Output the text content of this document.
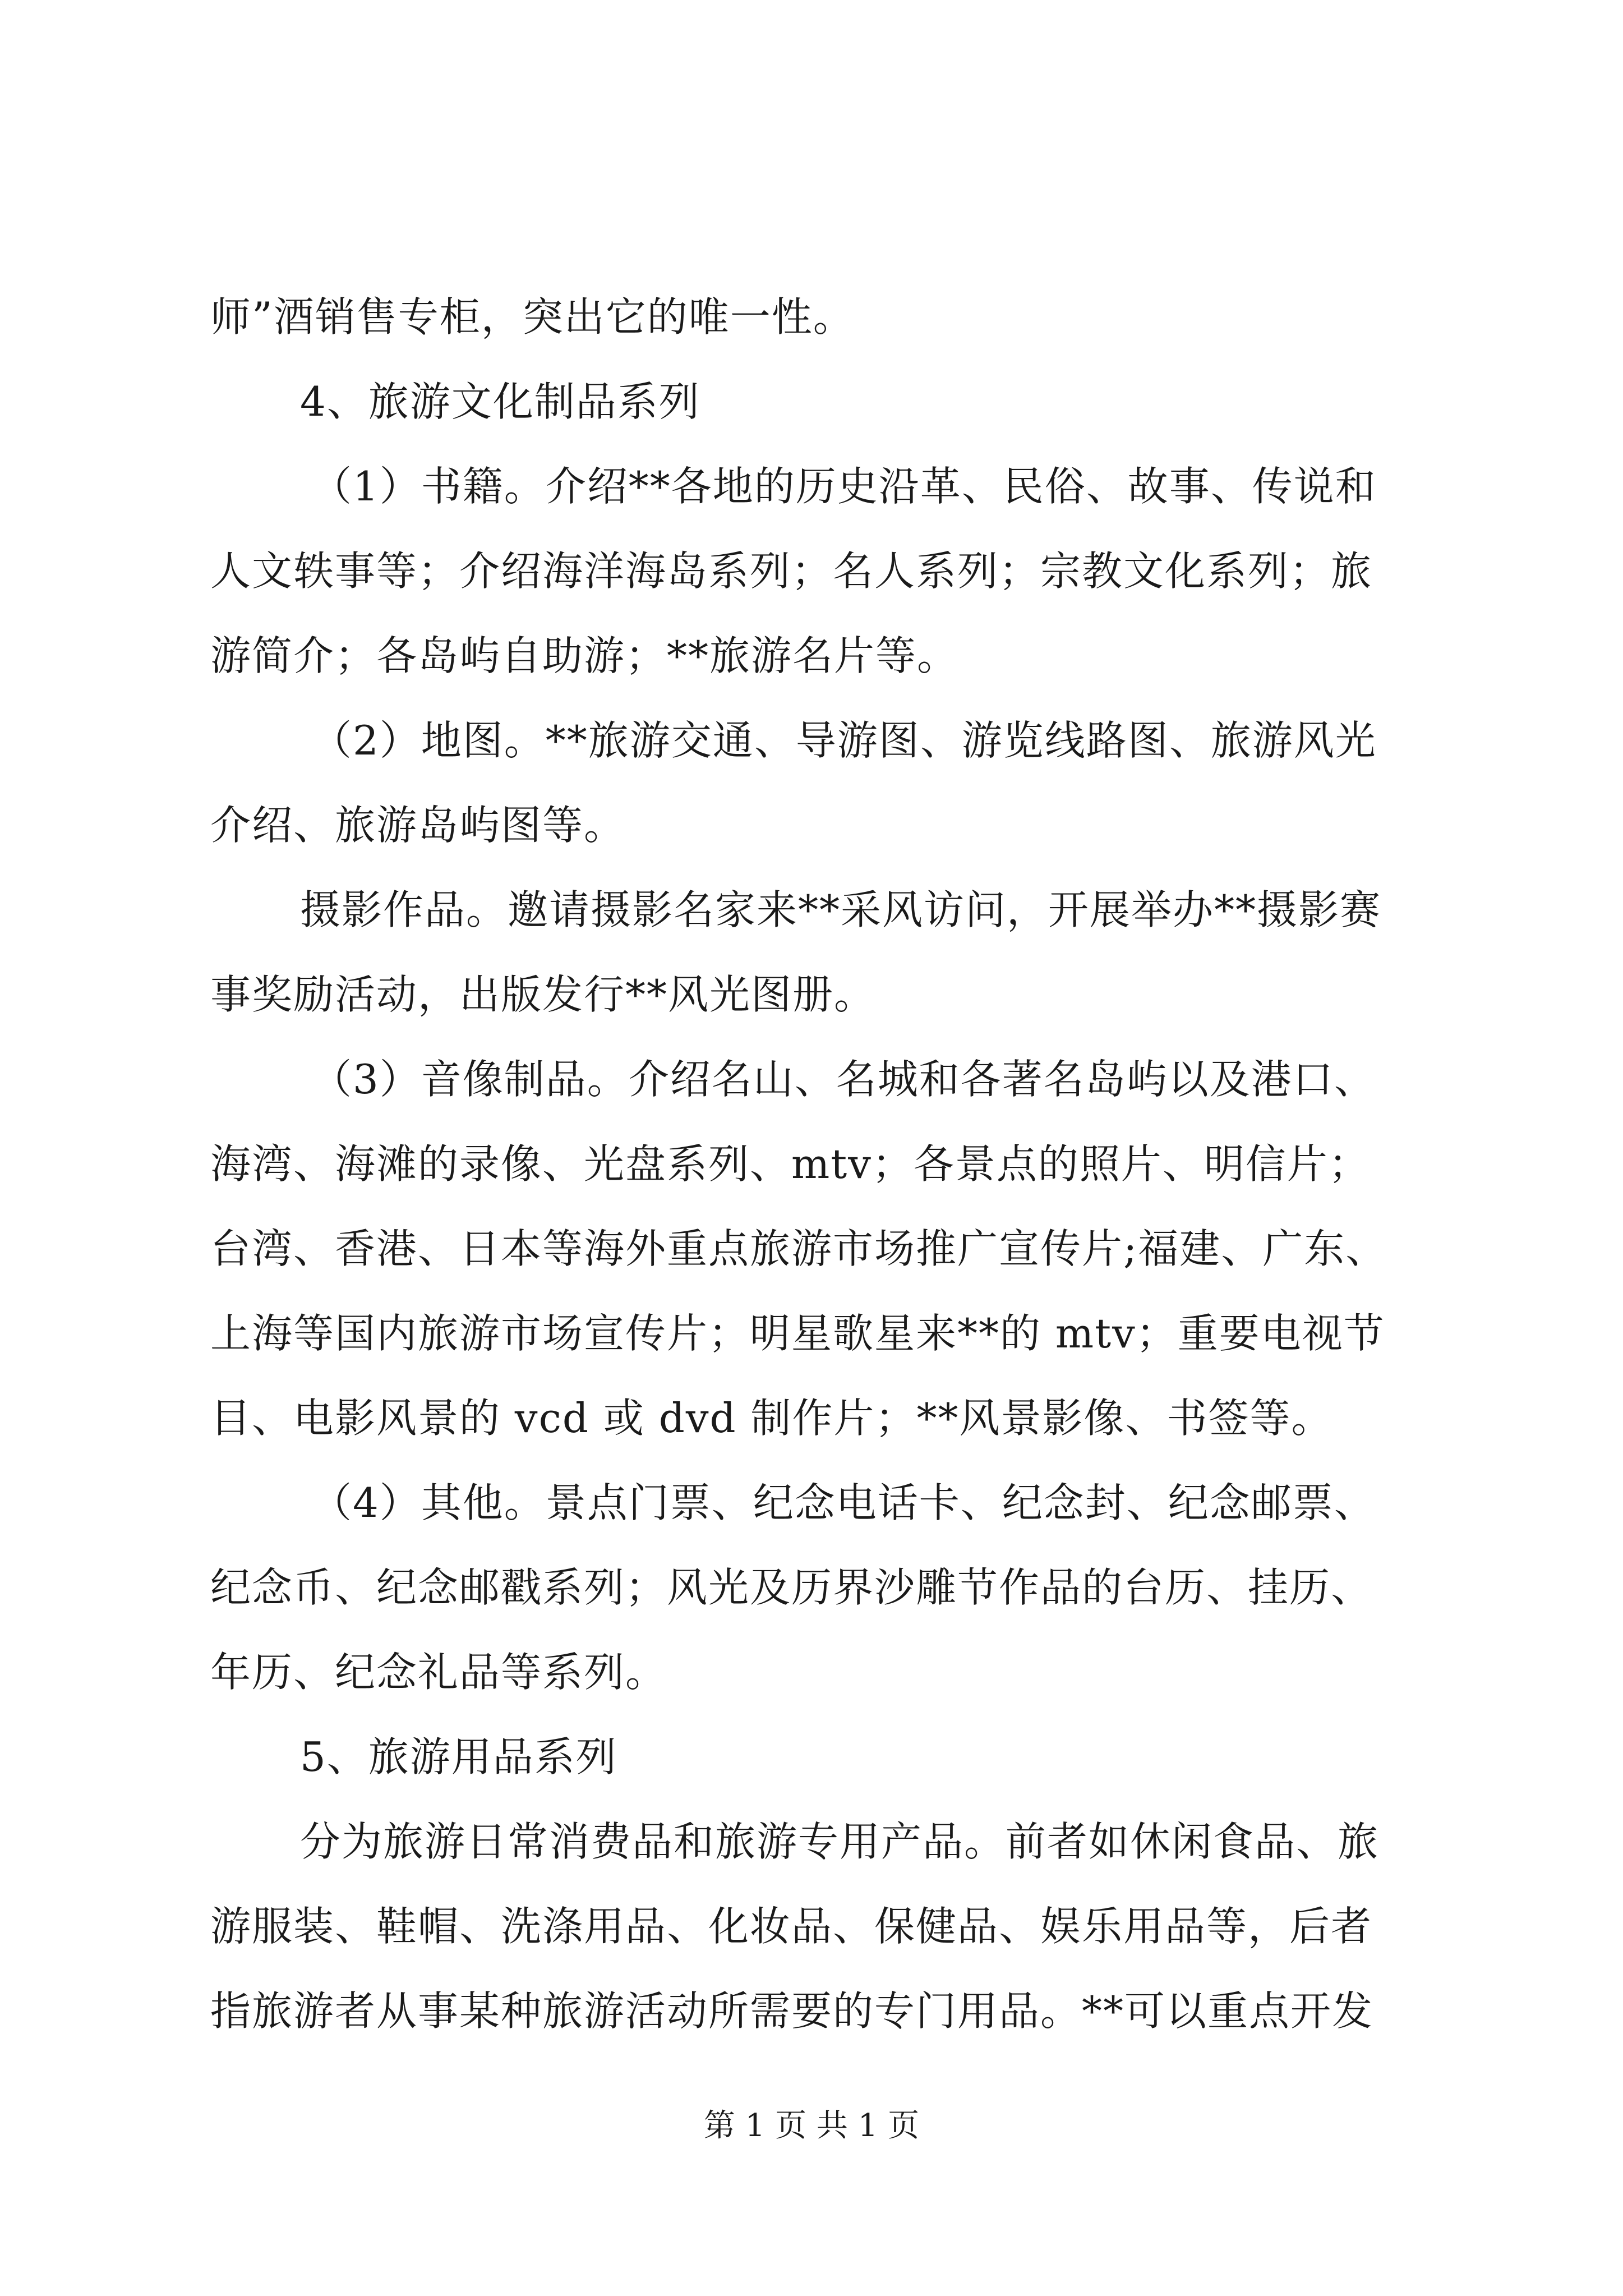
师”酒销售专柜，突出它的唯一性。
4、旅游文化制品系列
（1）书籍。介绍**各地的历史沿革、民俗、故事、传说和
人文轶事等；介绍海洋海岛系列；名人系列；宗教文化系列；旅
游简介；各岛屿自助游；**旅游名片等。
（2）地图。**旅游交通、导游图、游览线路图、旅游风光
介绍、旅游岛屿图等。
摄影作品。邀请摄影名家来**采风访问，开展举办**摄影赛
事奖励活动，出版发行**风光图册。
（3）音像制品。介绍名山、名城和各著名岛屿以及港口、
海湾、海滩的录像、光盘系列、mtv；各景点的照片、明信片；
台湾、香港、日本等海外重点旅游市场推广宣传片;福建、广东、
上海等国内旅游市场宣传片；明星歌星来**的 mtv；重要电视节
目、电影风景的 vcd 或 dvd 制作片；**风景影像、书签等。
（4）其他。景点门票、纪念电话卡、纪念封、纪念邮票、
纪念币、纪念邮戳系列；风光及历界沙雕节作品的台历、挂历、
年历、纪念礼品等系列。
5、旅游用品系列
分为旅游日常消费品和旅游专用产品。前者如休闲食品、旅
游服装、鞋帽、洗涤用品、化妆品、保健品、娱乐用品等，后者
指旅游者从事某种旅游活动所需要的专门用品。**可以重点开发
第 1 页 共 1 页
